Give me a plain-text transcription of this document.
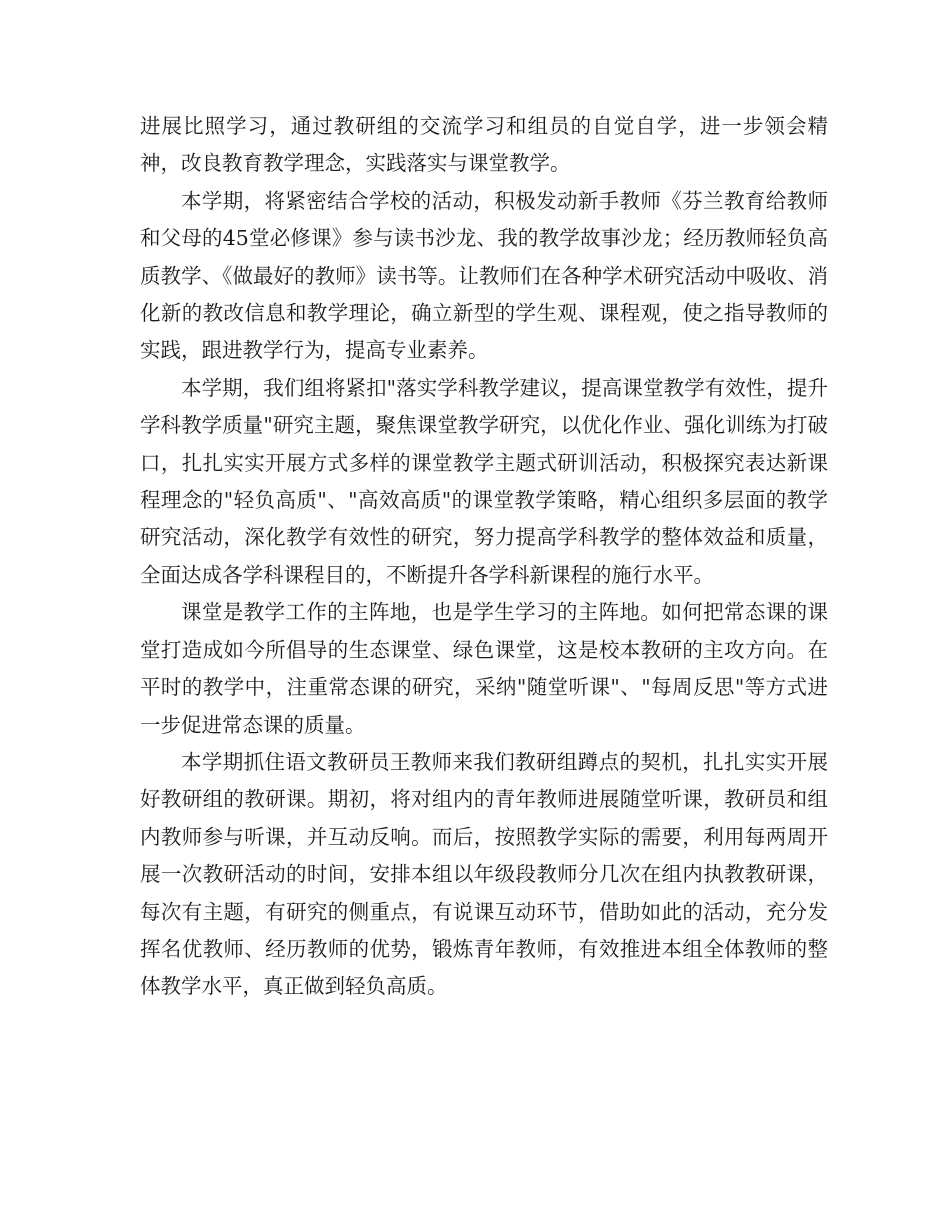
进展比照学习，通过教研组的交流学习和组员的自觉自学，进一步领会精神，改良教育教学理念，实践落实与课堂教学。

本学期，将紧密结合学校的活动，积极发动新手教师《芬兰教育给教师和父母的45堂必修课》参与读书沙龙、我的教学故事沙龙；经历教师轻负高质教学、《做最好的教师》读书等。让教师们在各种学术研究活动中吸收、消化新的教改信息和教学理论，确立新型的学生观、课程观，使之指导教师的实践，跟进教学行为，提高专业素养。

本学期，我们组将紧扣"落实学科教学建议，提高课堂教学有效性，提升学科教学质量"研究主题，聚焦课堂教学研究，以优化作业、强化训练为打破口，扎扎实实开展方式多样的课堂教学主题式研训活动，积极探究表达新课程理念的"轻负高质"、"高效高质"的课堂教学策略，精心组织多层面的教学研究活动，深化教学有效性的研究，努力提高学科教学的整体效益和质量，全面达成各学科课程目的，不断提升各学科新课程的施行水平。

课堂是教学工作的主阵地，也是学生学习的主阵地。如何把常态课的课堂打造成如今所倡导的生态课堂、绿色课堂，这是校本教研的主攻方向。在平时的教学中，注重常态课的研究，采纳"随堂听课"、"每周反思"等方式进一步促进常态课的质量。

本学期抓住语文教研员王教师来我们教研组蹲点的契机，扎扎实实开展好教研组的教研课。期初，将对组内的青年教师进展随堂听课，教研员和组内教师参与听课，并互动反响。而后，按照教学实际的需要，利用每两周开展一次教研活动的时间，安排本组以年级段教师分几次在组内执教教研课，每次有主题，有研究的侧重点，有说课互动环节，借助如此的活动，充分发挥名优教师、经历教师的优势，锻炼青年教师，有效推进本组全体教师的整体教学水平，真正做到轻负高质。
